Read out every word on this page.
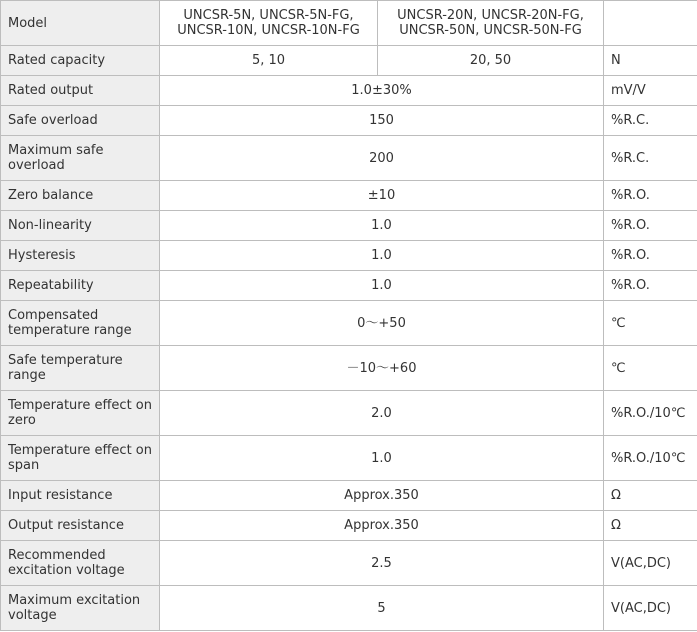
Model	UNCSR-5N, UNCSR-5N-FG, UNCSR-10N, UNCSR-10N-FG	UNCSR-20N, UNCSR-20N-FG, UNCSR-50N, UNCSR-50N-FG	
Rated capacity	5, 10	20, 50	N
Rated output	1.0±30%		mV/V
Safe overload	150		%R.C.
Maximum safe overload	200		%R.C.
Zero balance	±10		%R.O.
Non-linearity	1.0		%R.O.
Hysteresis	1.0		%R.O.
Repeatability	1.0		%R.O.
Compensated temperature range	0～+50		℃
Safe temperature range	－10～+60		℃
Temperature effect on zero	2.0		%R.O./10℃
Temperature effect on span	1.0		%R.O./10℃
Input resistance	Approx.350		Ω
Output resistance	Approx.350		Ω
Recommended excitation voltage	2.5		V(AC,DC)
Maximum excitation voltage	5		V(AC,DC)
